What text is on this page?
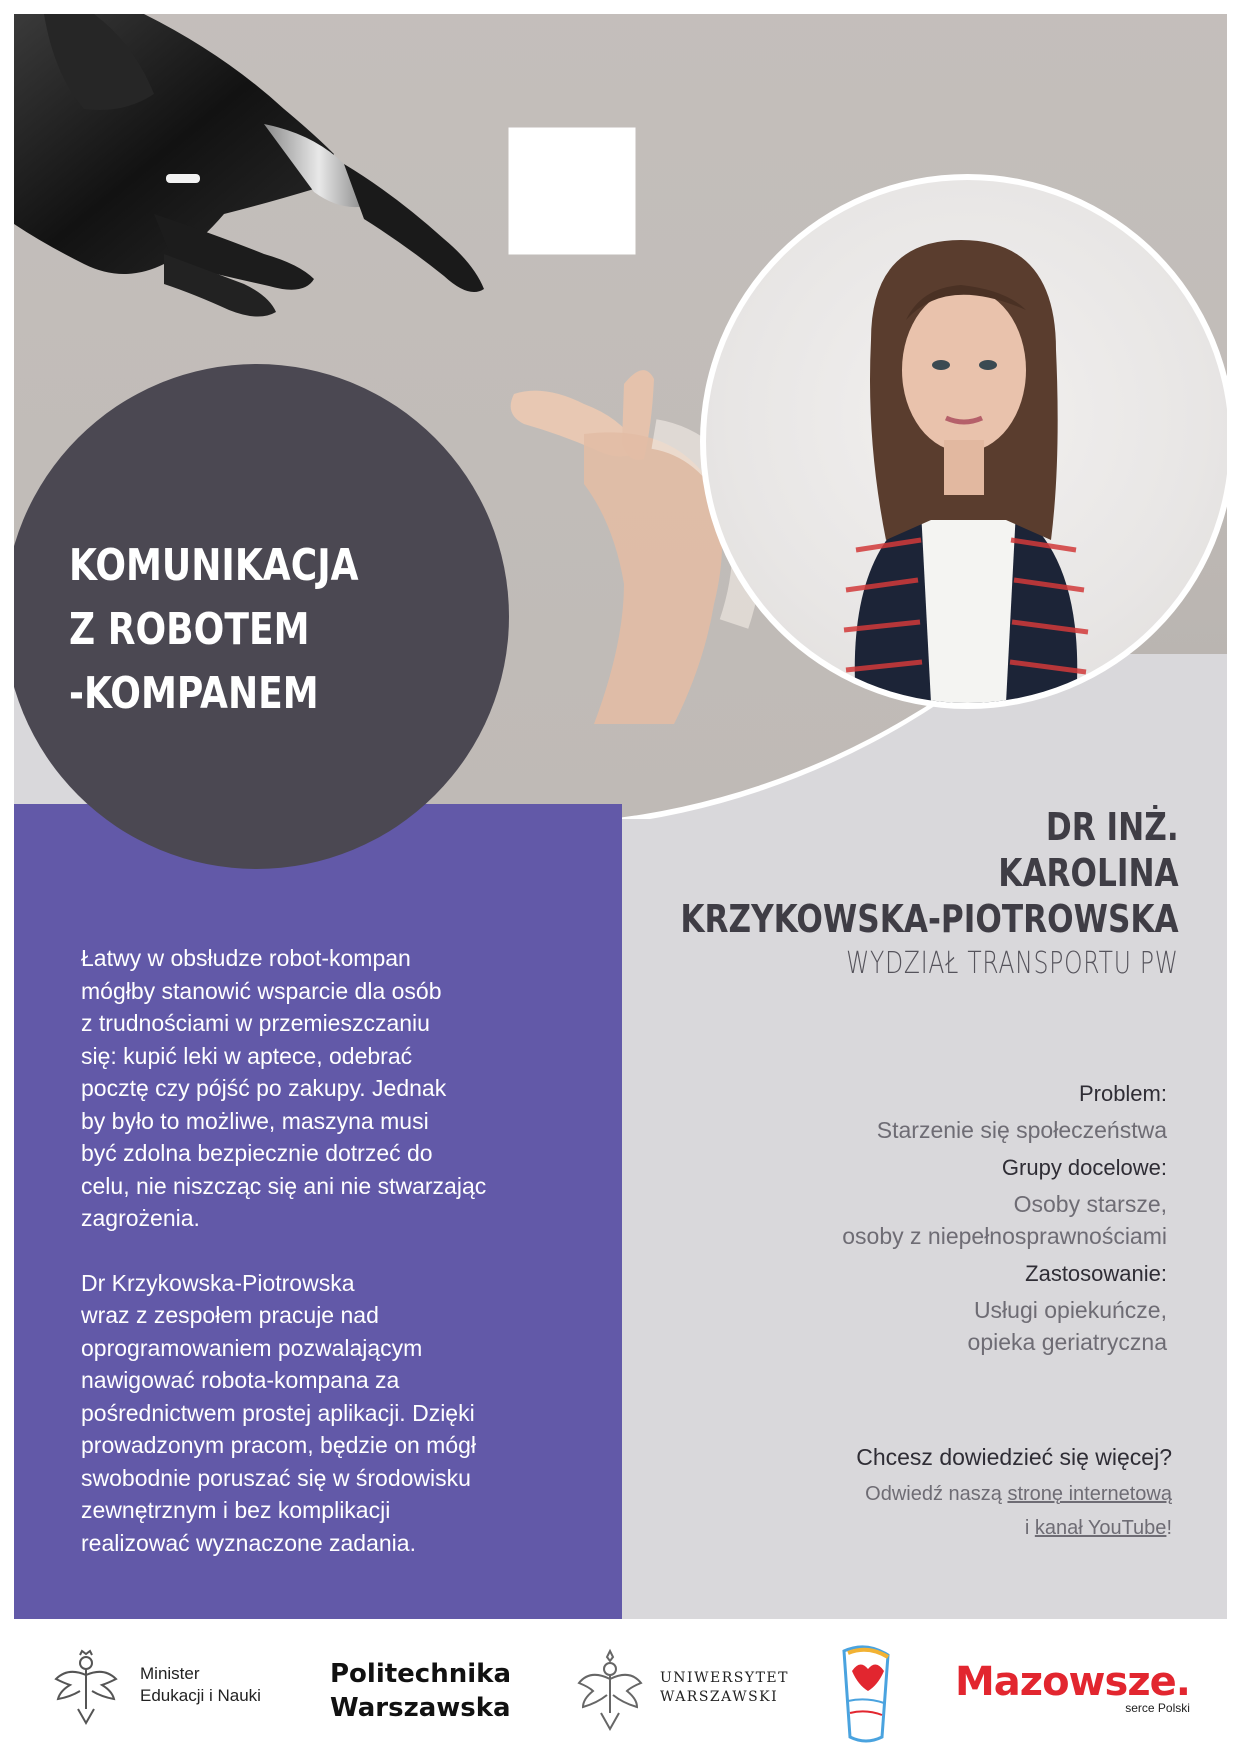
KOMUNIKACJA
Z ROBOTEM
-KOMPANEM
DR INŻ.
KAROLINA
KRZYKOWSKA-PIOTROWSKA
WYDZIAŁ TRANSPORTU PW
Problem:
Starzenie się społeczeństwa
Grupy docelowe:
Osoby starsze,
osoby z niepełnosprawnościami
Zastosowanie:
Usługi opiekuńcze,
opieka geriatryczna
Chcesz dowiedzieć się więcej?
Odwiedź naszą stronę internetową
i kanał YouTube!

Łatwy w obsłudze robot-kompan
mógłby stanowić wsparcie dla osób
z trudnościami w przemieszczaniu
się: kupić leki w aptece, odebrać
pocztę czy pójść po zakupy. Jednak
by było to możliwe, maszyna musi
być zdolna bezpiecznie dotrzeć do
celu, nie niszcząc się ani nie stwarzając
zagrożenia.

Dr Krzykowska-Piotrowska
wraz z zespołem pracuje nad
oprogramowaniem pozwalającym
nawigować robota-kompana za
pośrednictwem prostej aplikacji. Dzięki
prowadzonym pracom, będzie on mógł
swobodnie poruszać się w środowisku
zewnętrznym i bez komplikacji
realizować wyznaczone zadania.

Minister
Edukacji i Nauki
Politechnika
Warszawska
UNIWERSYTET
WARSZAWSKI	Mazowsze.
serce Polski
